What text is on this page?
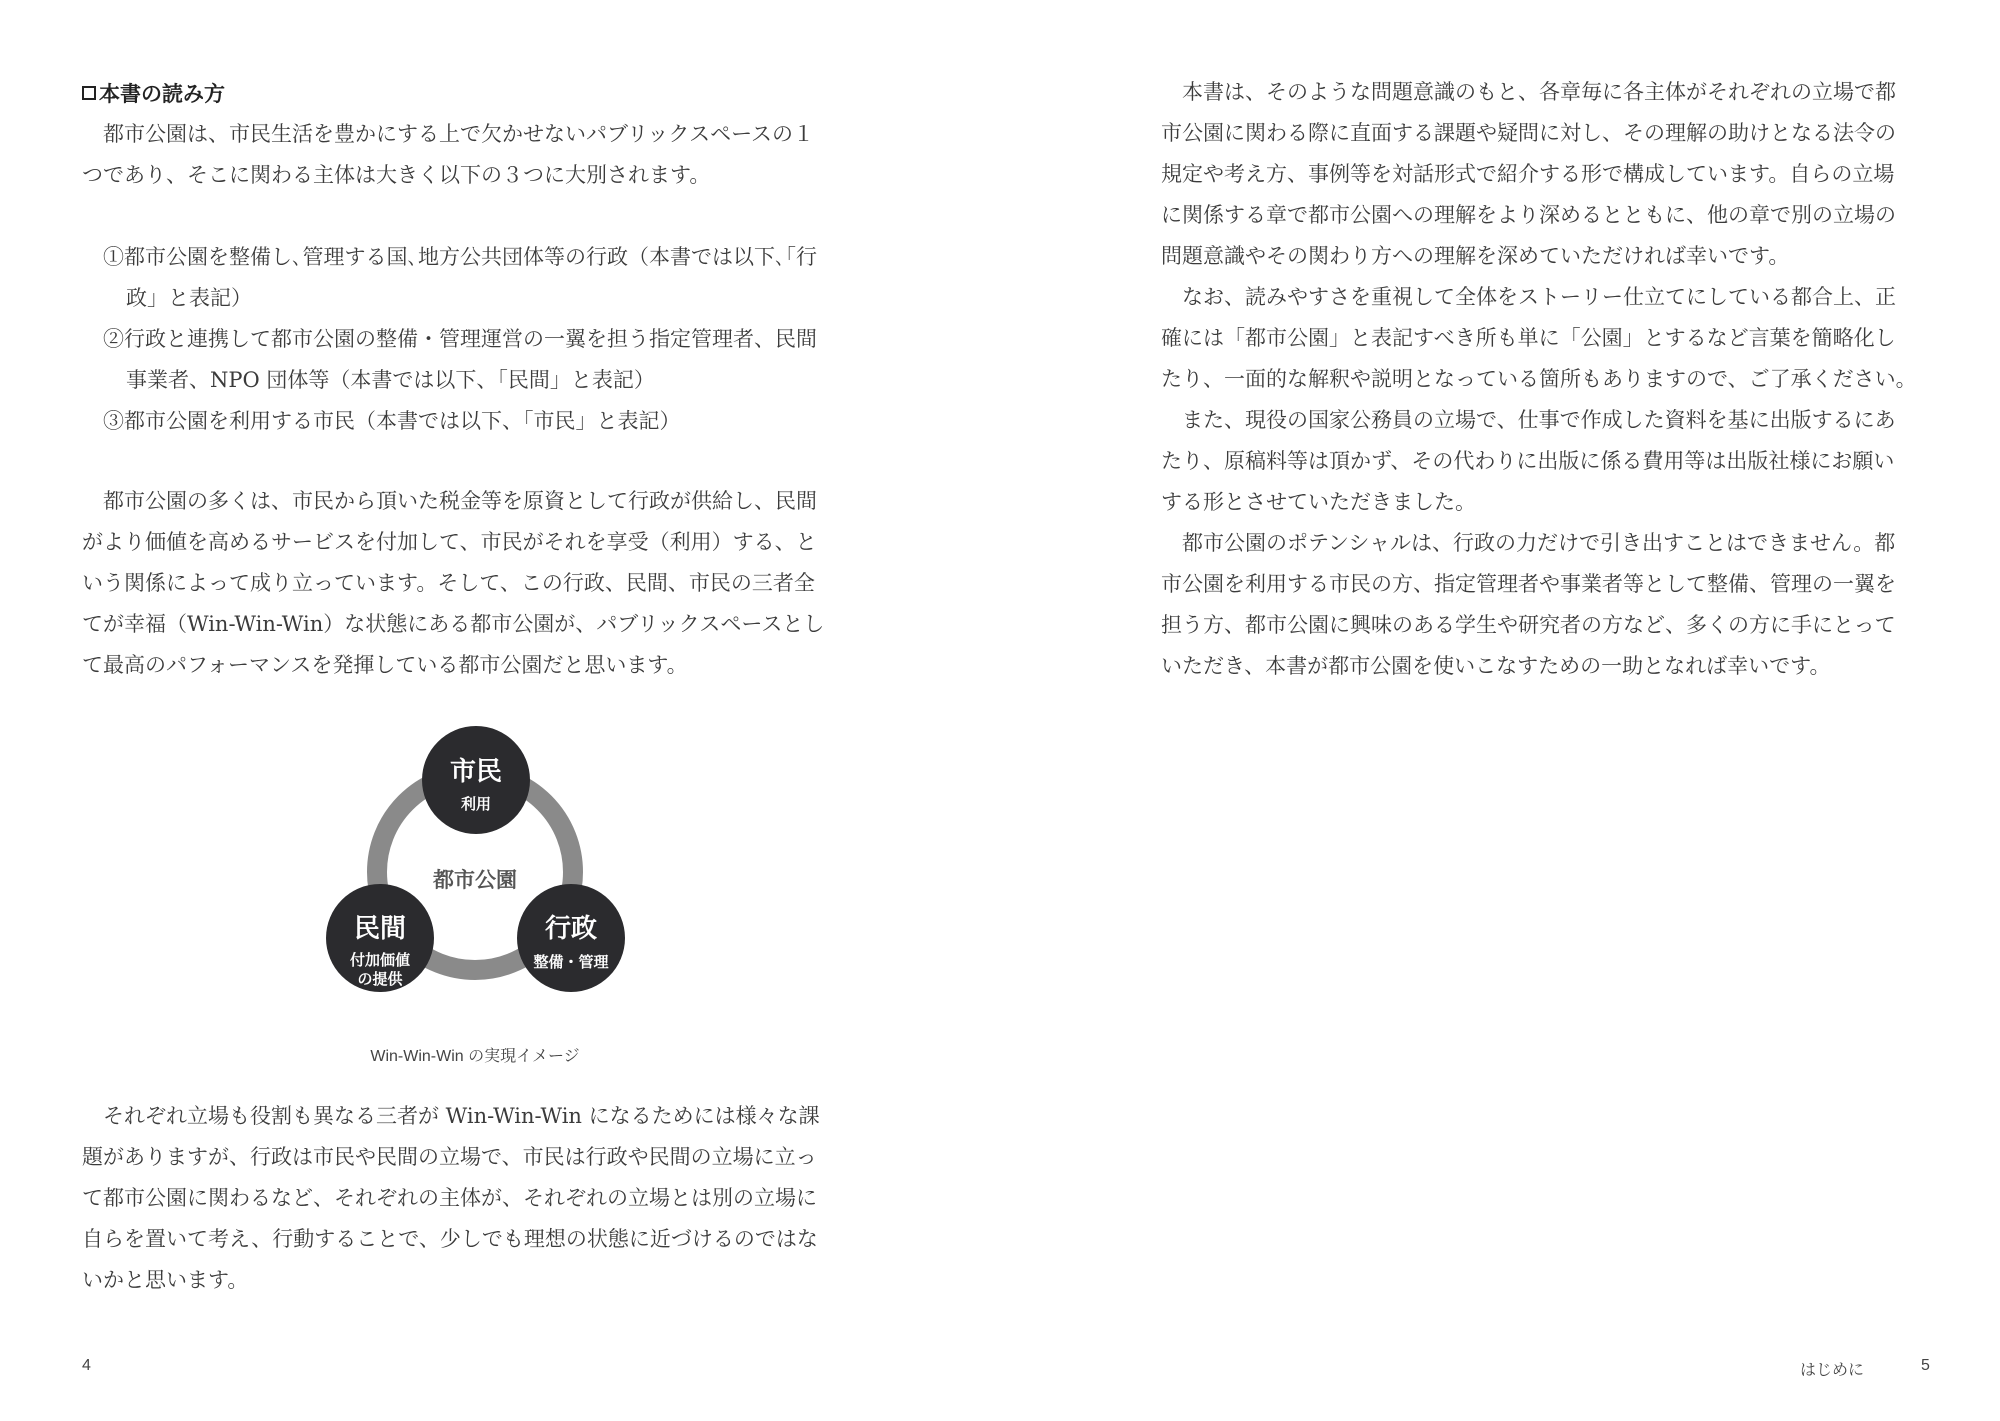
本書の読み方
都市公園は、市民生活を豊かにする上で欠かせないパブリックスペースの１
つであり、そこに関わる主体は大きく以下の３つに大別されます。
①都市公園を整備し､管理する国､地方公共団体等の行政（本書では以下､｢行
政」と表記）
②行政と連携して都市公園の整備・管理運営の一翼を担う指定管理者、民間
事業者、NPO 団体等（本書では以下、「民間」と表記）
③都市公園を利用する市民（本書では以下、「市民」と表記）
都市公園の多くは、市民から頂いた税金等を原資として行政が供給し、民間
がより価値を高めるサービスを付加して、市民がそれを享受（利用）する、と
いう関係によって成り立っています。そして、この行政、民間、市民の三者全
てが幸福（Win-Win-Win）な状態にある都市公園が、パブリックスペースとし
て最高のパフォーマンスを発揮している都市公園だと思います。
都市公園
市民
利用
民間
付加価値
の提供
行政
整備・管理
Win-Win-Win の実現イメージ
それぞれ立場も役割も異なる三者が Win-Win-Win になるためには様々な課
題がありますが、行政は市民や民間の立場で、市民は行政や民間の立場に立っ
て都市公園に関わるなど、それぞれの主体が、それぞれの立場とは別の立場に
自らを置いて考え、行動することで、少しでも理想の状態に近づけるのではな
いかと思います。
4
本書は、そのような問題意識のもと、各章毎に各主体がそれぞれの立場で都
市公園に関わる際に直面する課題や疑問に対し、その理解の助けとなる法令の
規定や考え方、事例等を対話形式で紹介する形で構成しています。自らの立場
に関係する章で都市公園への理解をより深めるとともに、他の章で別の立場の
問題意識やその関わり方への理解を深めていただければ幸いです。
なお、読みやすさを重視して全体をストーリー仕立てにしている都合上、正
確には「都市公園」と表記すべき所も単に「公園」とするなど言葉を簡略化し
たり、一面的な解釈や説明となっている箇所もありますので、ご了承ください。
また、現役の国家公務員の立場で、仕事で作成した資料を基に出版するにあ
たり、原稿料等は頂かず、その代わりに出版に係る費用等は出版社様にお願い
する形とさせていただきました。
都市公園のポテンシャルは、行政の力だけで引き出すことはできません。都
市公園を利用する市民の方、指定管理者や事業者等として整備、管理の一翼を
担う方、都市公園に興味のある学生や研究者の方など、多くの方に手にとって
いただき、本書が都市公園を使いこなすための一助となれば幸いです。
はじめに	5
